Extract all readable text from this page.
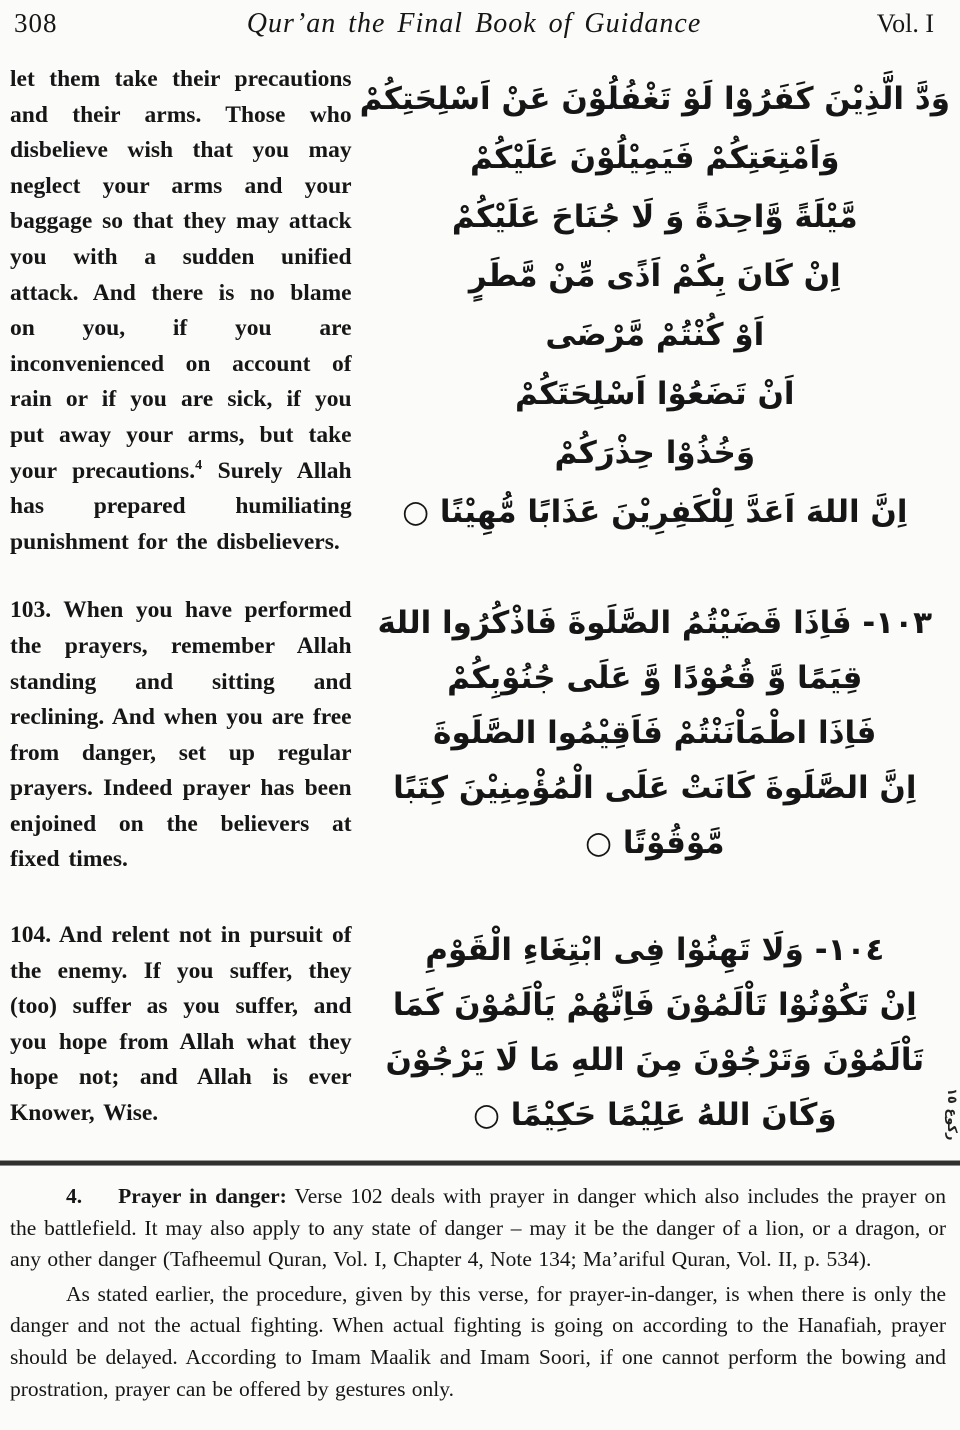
308	Qur’an the Final Book of Guidance	Vol. I

let them take their precautions and their arms. Those who disbelieve wish that you may neglect your arms and your baggage so that they may attack you with a sudden unified attack. And there is no blame on you, if you are inconvenienced on account of rain or if you are sick, if you put away your arms, but take your precautions.$^4$ Surely Allah has prepared humiliating punishment for the disbelievers.

103. When you have performed the prayers, remember Allah standing and sitting and reclining. And when you are free from danger, set up regular prayers. Indeed prayer has been enjoined on the believers at fixed times.

104. And relent not in pursuit of the enemy. If you suffer, they (too) suffer as you suffer, and you hope from Allah what they hope not; and Allah is ever Knower, Wise.

وَدَّ الَّذِيْنَ كَفَرُوْا لَوْ تَغْفُلُوْنَ عَنْ اَسْلِحَتِكُمْ
وَاَمْتِعَتِكُمْ فَيَمِيْلُوْنَ عَلَيْكُمْ
مَّيْلَةً وَّاحِدَةً وَ لَا جُنَاحَ عَلَيْكُمْ
اِنْ كَانَ بِكُمْ اَذًى مِّنْ مَّطَرٍ
اَوْ كُنْتُمْ مَّرْضَى
اَنْ تَضَعُوْا اَسْلِحَتَكُمْ
وَخُذُوْا حِذْرَكُمْ
اِنَّ اللهَ اَعَدَّ لِلْكَفِرِيْنَ عَذَابًا مُّهِيْنًا ○
١٠٣- فَاِذَا قَضَيْتُمُ الصَّلَوةَ فَاذْكُرُوا اللهَ
قِيَمًا وَّ قُعُوْدًا وَّ عَلَى جُنُوْبِكُمْ
فَاِذَا اطْمَاْنَنْتُمْ فَاَقِيْمُوا الصَّلَوةَ
اِنَّ الصَّلَوةَ كَانَتْ عَلَى الْمُؤْمِنِيْنَ كِتَبًا
مَّوْقُوْتًا ○
١٠٤- وَلَا تَهِنُوْا فِى ابْتِغَاءِ الْقَوْمِ
اِنْ تَكُوْنُوْا تَاْلَمُوْنَ فَاِنَّهُمْ يَاْلَمُوْنَ كَمَا
تَاْلَمُوْنَ وَتَرْجُوْنَ مِنَ اللهِ مَا لَا يَرْجُوْنَ
وَكَانَ اللهُ عَلِيْمًا حَكِيْمًا ○
ركوع ١٥

4. Prayer in danger: Verse 102 deals with prayer in danger which also includes the prayer on the battlefield. It may also apply to any state of danger – may it be the danger of a lion, or a dragon, or any other danger (Tafheemul Quran, Vol. I, Chapter 4, Note 134; Ma’ariful Quran, Vol. II, p. 534).

As stated earlier, the procedure, given by this verse, for prayer-in-danger, is when there is only the danger and not the actual fighting. When actual fighting is going on according to the Hanafiah, prayer should be delayed. According to Imam Maalik and Imam Soori, if one cannot perform the bowing and prostration, prayer can be offered by gestures only.
